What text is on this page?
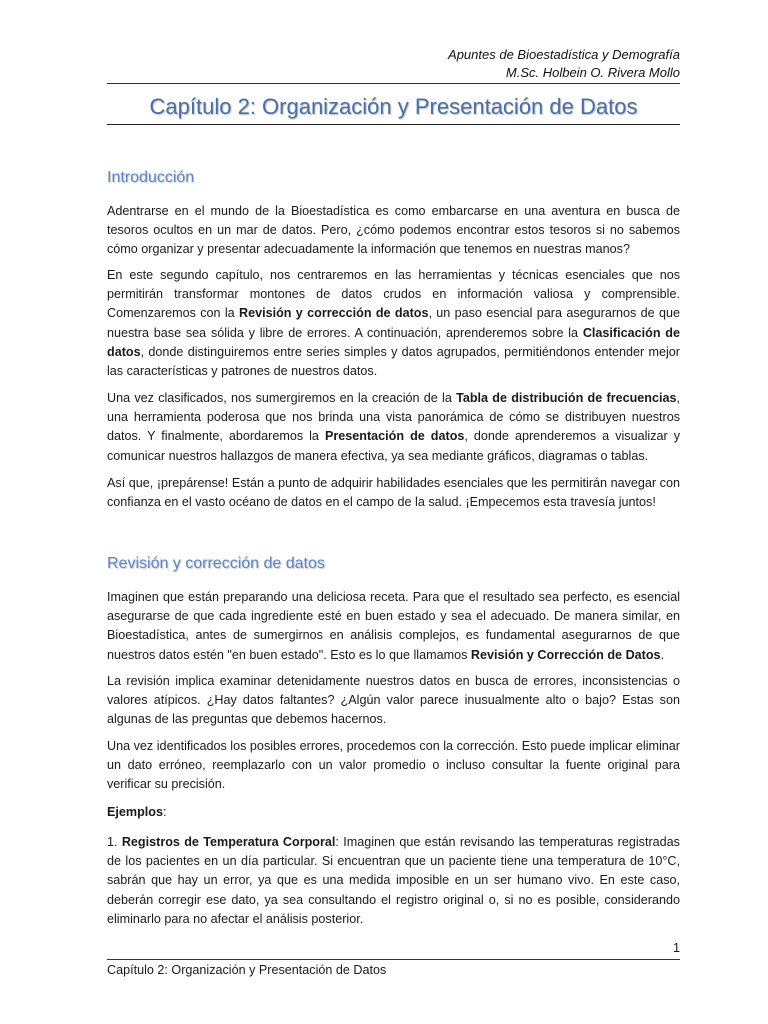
Apuntes de Bioestadística y Demografía
M.Sc. Holbein O. Rivera Mollo
Capítulo 2: Organización y Presentación de Datos
Introducción

Adentrarse en el mundo de la Bioestadística es como embarcarse en una aventura en busca de tesoros ocultos en un mar de datos. Pero, ¿cómo podemos encontrar estos tesoros si no sabemos cómo organizar y presentar adecuadamente la información que tenemos en nuestras manos?

En este segundo capítulo, nos centraremos en las herramientas y técnicas esenciales que nos permitirán transformar montones de datos crudos en información valiosa y comprensible. Comenzaremos con la Revisión y corrección de datos, un paso esencial para asegurarnos de que nuestra base sea sólida y libre de errores. A continuación, aprenderemos sobre la Clasificación de datos, donde distinguiremos entre series simples y datos agrupados, permitiéndonos entender mejor las características y patrones de nuestros datos.

Una vez clasificados, nos sumergiremos en la creación de la Tabla de distribución de frecuencias, una herramienta poderosa que nos brinda una vista panorámica de cómo se distribuyen nuestros datos. Y finalmente, abordaremos la Presentación de datos, donde aprenderemos a visualizar y comunicar nuestros hallazgos de manera efectiva, ya sea mediante gráficos, diagramas o tablas.

Así que, ¡prepárense! Están a punto de adquirir habilidades esenciales que les permitirán navegar con confianza en el vasto océano de datos en el campo de la salud. ¡Empecemos esta travesía juntos!

Revisión y corrección de datos

Imaginen que están preparando una deliciosa receta. Para que el resultado sea perfecto, es esencial asegurarse de que cada ingrediente esté en buen estado y sea el adecuado. De manera similar, en Bioestadística, antes de sumergirnos en análisis complejos, es fundamental asegurarnos de que nuestros datos estén "en buen estado". Esto es lo que llamamos Revisión y Corrección de Datos.

La revisión implica examinar detenidamente nuestros datos en busca de errores, inconsistencias o valores atípicos. ¿Hay datos faltantes? ¿Algún valor parece inusualmente alto o bajo? Estas son algunas de las preguntas que debemos hacernos.

Una vez identificados los posibles errores, procedemos con la corrección. Esto puede implicar eliminar un dato erróneo, reemplazarlo con un valor promedio o incluso consultar la fuente original para verificar su precisión.

Ejemplos:

1. Registros de Temperatura Corporal: Imaginen que están revisando las temperaturas registradas de los pacientes en un día particular. Si encuentran que un paciente tiene una temperatura de 10°C, sabrán que hay un error, ya que es una medida imposible en un ser humano vivo. En este caso, deberán corregir ese dato, ya sea consultando el registro original o, si no es posible, considerando eliminarlo para no afectar el análisis posterior.

1
Capítulo 2: Organización y Presentación de Datos
